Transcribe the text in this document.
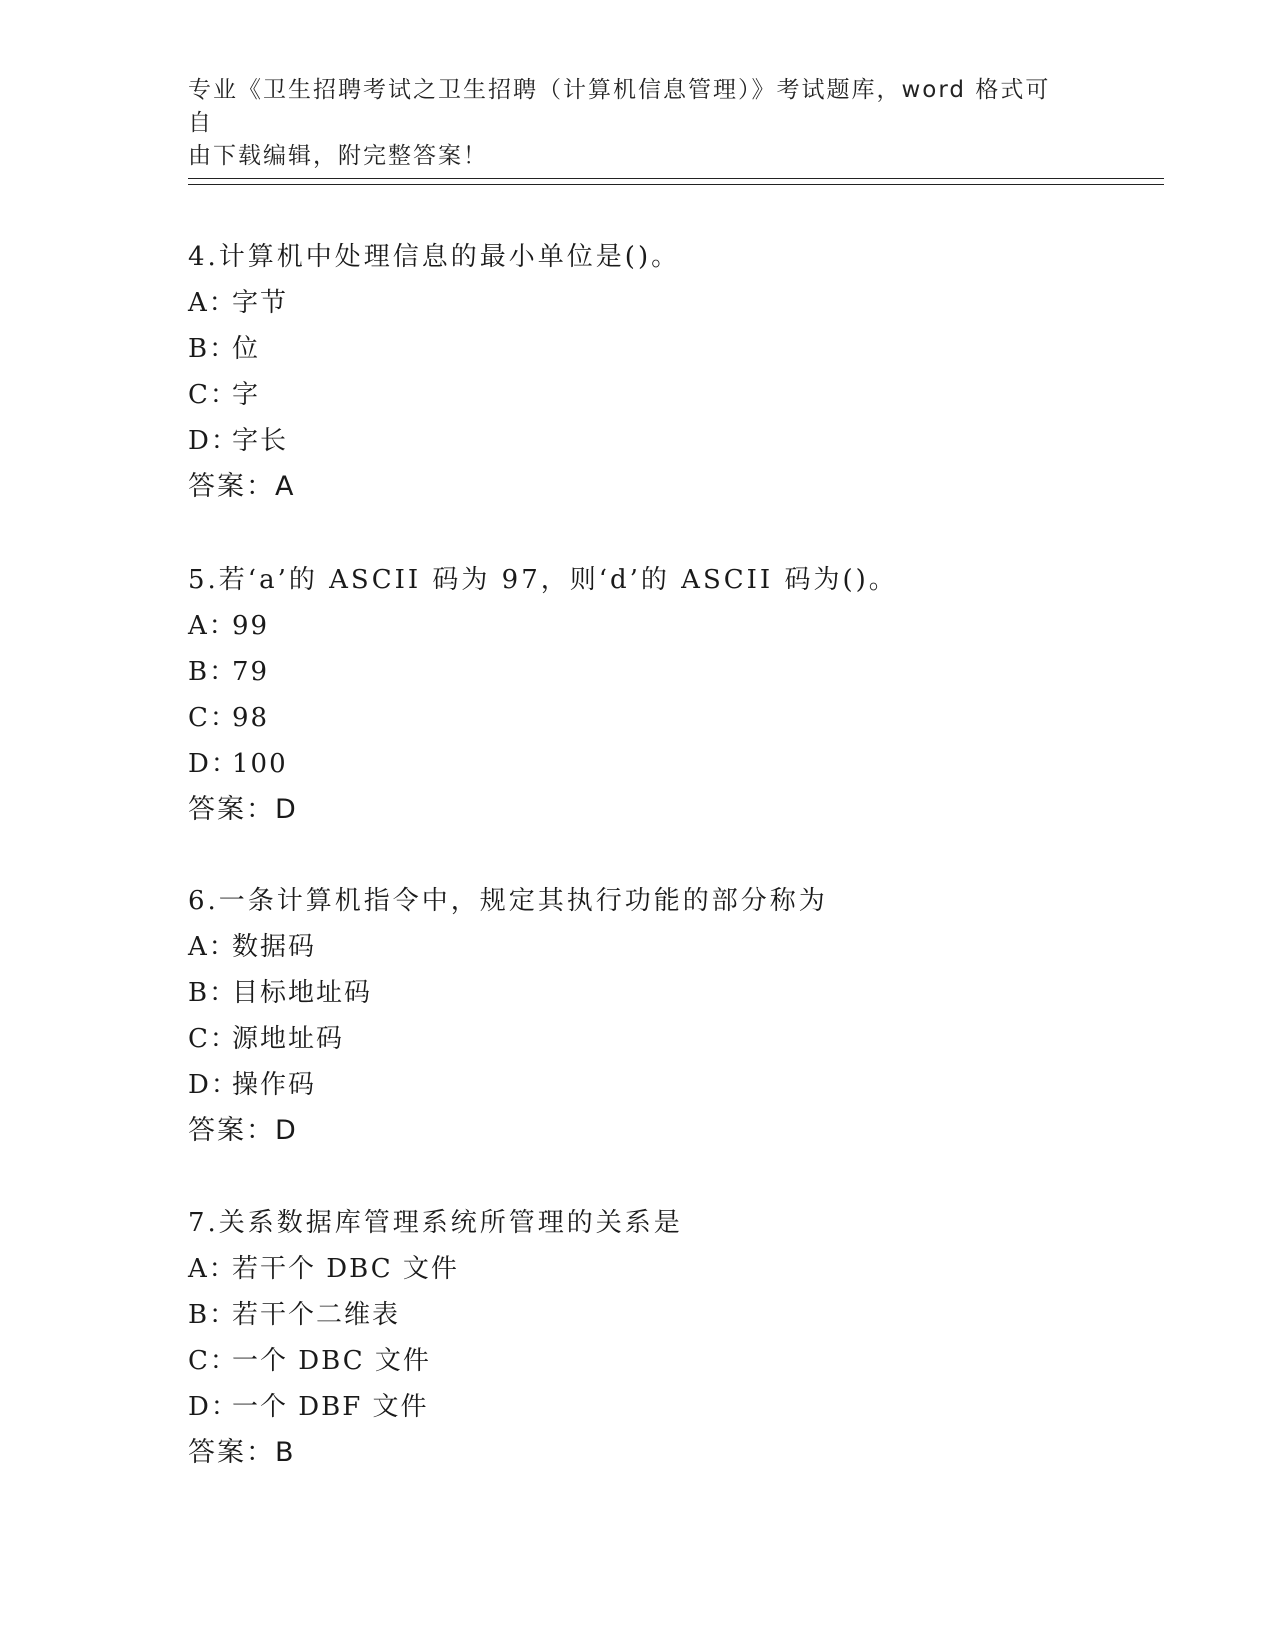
专业《卫生招聘考试之卫生招聘（计算机信息管理）》考试题库，word 格式可自
由下载编辑，附完整答案！
4.计算机中处理信息的最小单位是()。
A：字节
B：位
C：字
D：字长
答案：A
5.若‘a’的 ASCII 码为 97，则‘d’的 ASCII 码为()。
A：99
B：79
C：98
D：100
答案：D
6.一条计算机指令中，规定其执行功能的部分称为
A：数据码
B：目标地址码
C：源地址码
D：操作码
答案：D
7.关系数据库管理系统所管理的关系是
A：若干个 DBC 文件
B：若干个二维表
C：一个 DBC 文件
D：一个 DBF 文件
答案：B
